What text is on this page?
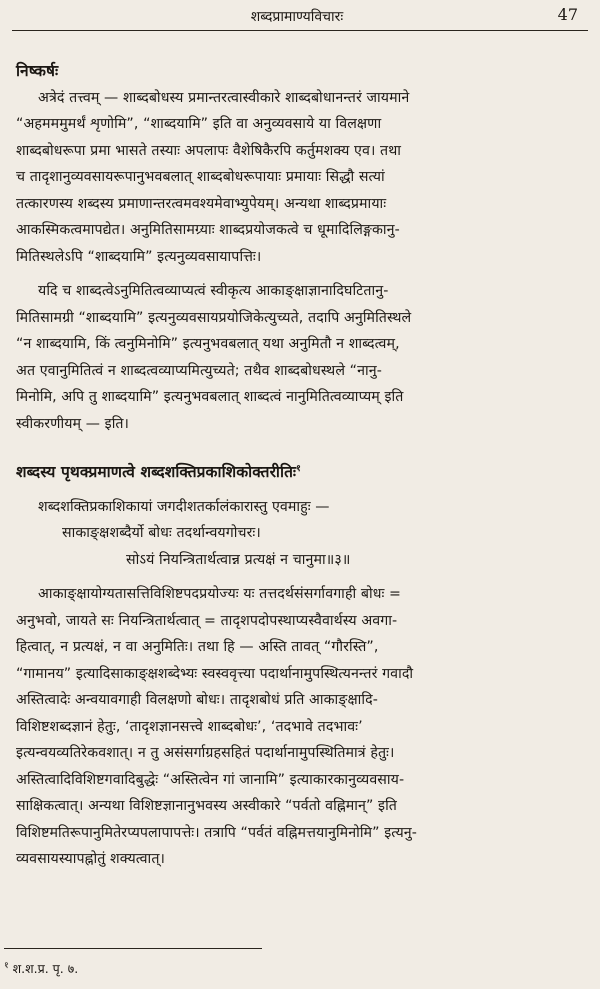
शब्दप्रामाण्यविचारः	47
निष्कर्षः
अत्रेदं तत्त्वम् — शाब्दबोधस्य प्रमान्तरत्वास्वीकारे शाब्दबोधानन्तरं जायमाने
“अहमममुमर्थं शृणोमि”, “शाब्दयामि” इति वा अनुव्यवसाये या विलक्षणा
शाब्दबोधरूपा प्रमा भासते तस्याः अपलापः वैशेषिकैरपि कर्तुमशक्य एव। तथा
च तादृशानुव्यवसायरूपानुभवबलात् शाब्दबोधरूपायाः प्रमायाः सिद्धौ सत्यां
तत्कारणस्य शब्दस्य प्रमाणान्तरत्वमवश्यमेवाभ्युपेयम्। अन्यथा शाब्दप्रमायाः
आकस्मिकत्वमापद्येत। अनुमितिसामग्र्याः शाब्दप्रयोजकत्वे च धूमादिलिङ्गकानु-
मितिस्थलेऽपि “शाब्दयामि” इत्यनुव्यवसायापत्तिः।
यदि च शाब्दत्वेऽनुमितित्वव्याप्यत्वं स्वीकृत्य आकाङ्क्षाज्ञानादिघटितानु-
मितिसामग्री “शाब्दयामि” इत्यनुव्यवसायप्रयोजिकेत्युच्यते, तदापि अनुमितिस्थले
“न शाब्दयामि, किं त्वनुमिनोमि” इत्यनुभवबलात् यथा अनुमितौ न शाब्दत्वम्,
अत एवानुमितित्वं न शाब्दत्वव्याप्यमित्युच्यते; तथैव शाब्दबोधस्थले “नानु-
मिनोमि, अपि तु शाब्दयामि” इत्यनुभवबलात् शाब्दत्वं नानुमितित्वव्याप्यम् इति
स्वीकरणीयम् — इति।
शब्दस्य पृथक्प्रमाणत्वे शब्दशक्तिप्रकाशिकोक्तरीतिः$^१$
शब्दशक्तिप्रकाशिकायां जगदीशतर्कालंकारास्तु एवमाहुः —
साकाङ्क्षशब्दैर्यो बोधः तदर्थान्वयगोचरः।
सोऽयं नियन्त्रितार्थत्वान्न प्रत्यक्षं न चानुमा॥३॥
आकाङ्क्षायोग्यतासत्तिविशिष्टपदप्रयोज्यः यः तत्तदर्थसंसर्गावगाही बोधः =
अनुभवो, जायते सः नियन्त्रितार्थत्वात् = तादृशपदोपस्थाप्यस्वैवार्थस्य अवगा-
हित्वात्, न प्रत्यक्षं, न वा अनुमितिः। तथा हि — अस्ति तावत् “गौरस्ति”,
“गामानय” इत्यादिसाकाङ्क्षशब्देभ्यः स्वस्ववृत्त्या पदार्थानामुपस्थित्यनन्तरं गवादौ
अस्तित्वादेः अन्वयावगाही विलक्षणो बोधः। तादृशबोधं प्रति आकाङ्क्षादि-
विशिष्टशब्दज्ञानं हेतुः, ‘तादृशज्ञानसत्त्वे शाब्दबोधः’, ‘तदभावे तदभावः’
इत्यन्वयव्यतिरेकवशात्। न तु असंसर्गाग्रहसहितं पदार्थानामुपस्थितिमात्रं हेतुः।
अस्तित्वादिविशिष्टगवादिबुद्धेः “अस्तित्वेन गां जानामि” इत्याकारकानुव्यवसाय-
साक्षिकत्वात्। अन्यथा विशिष्टज्ञानानुभवस्य अस्वीकारे “पर्वतो वह्निमान्” इति
विशिष्टमतिरूपानुमितेरप्यपलापापत्तेः। तत्रापि “पर्वतं वह्निमत्तयानुमिनोमि” इत्यनु-
व्यवसायस्यापह्नोतुं शक्यत्वात्।
$^१$ श.श.प्र. पृ. ७.
